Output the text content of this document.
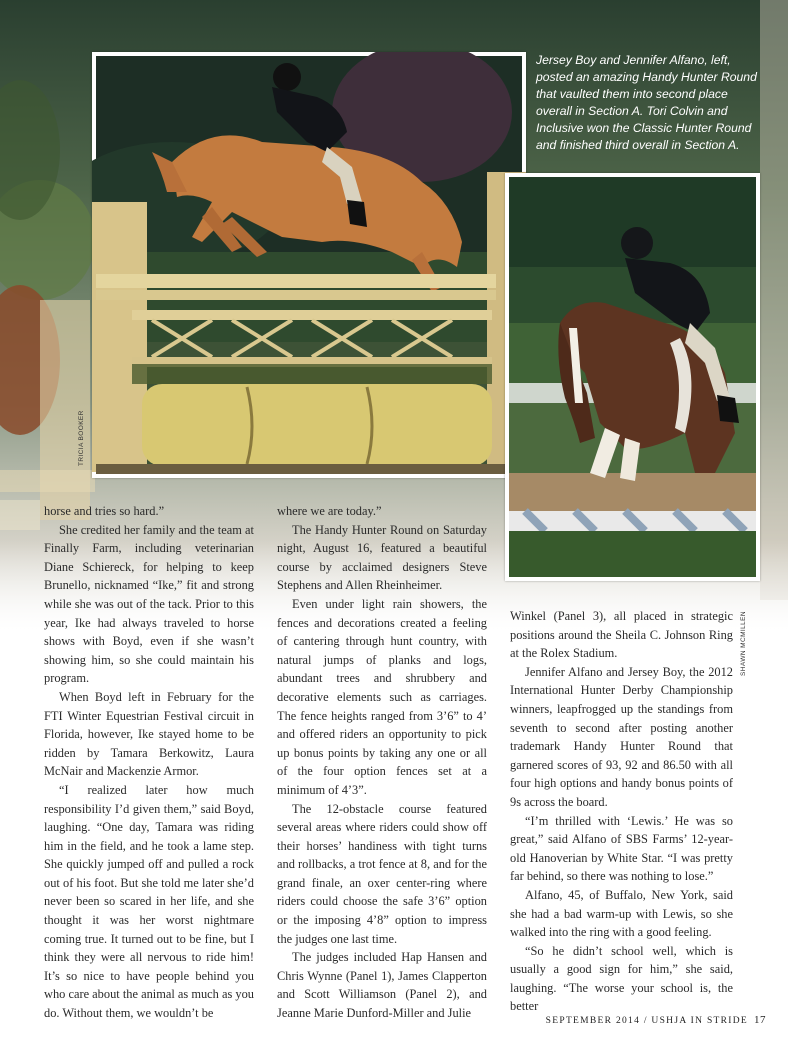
Jersey Boy and Jennifer Alfano, left, posted an amazing Handy Hunter Round that vaulted them into second place overall in Section A. Tori Colvin and Inclusive won the Classic Hunter Round and finished third overall in Section A.

TRICIA BOOKER
SHAWN MCMILLEN

horse and tries so hard.”

She credited her family and the team at Finally Farm, including veterinarian Diane Schiereck, for helping to keep Brunello, nicknamed “Ike,” fit and strong while she was out of the tack. Prior to this year, Ike had always traveled to horse shows with Boyd, even if she wasn’t showing him, so she could maintain his program.

When Boyd left in February for the FTI Winter Equestrian Festival circuit in Florida, however, Ike stayed home to be ridden by Tamara Berkowitz, Laura McNair and Mackenzie Armor.

“I realized later how much responsibility I’d given them,” said Boyd, laughing. “One day, Tamara was riding him in the field, and he took a lame step. She quickly jumped off and pulled a rock out of his foot. But she told me later she’d never been so scared in her life, and she thought it was her worst nightmare coming true. It turned out to be fine, but I think they were all nervous to ride him! It’s so nice to have people behind you who care about the animal as much as you do. Without them, we wouldn’t be

where we are today.”

The Handy Hunter Round on Saturday night, August 16, featured a beautiful course by acclaimed designers Steve Stephens and Allen Rheinheimer.

Even under light rain showers, the fences and decorations created a feeling of cantering through hunt country, with natural jumps of planks and logs, abundant trees and shrubbery and decorative elements such as carriages. The fence heights ranged from 3’6” to 4’ and offered riders an opportunity to pick up bonus points by taking any one or all of the four option fences set at a minimum of 4’3”.

The 12-obstacle course featured several areas where riders could show off their horses’ handiness with tight turns and rollbacks, a trot fence at 8, and for the grand finale, an oxer center-ring where riders could choose the safe 3’6” option or the imposing 4’8” option to impress the judges one last time.

The judges included Hap Hansen and Chris Wynne (Panel 1), James Clapperton and Scott Williamson (Panel 2), and Jeanne Marie Dunford-Miller and Julie

Winkel (Panel 3), all placed in strategic positions around the Sheila C. Johnson Ring at the Rolex Stadium.

Jennifer Alfano and Jersey Boy, the 2012 International Hunter Derby Championship winners, leapfrogged up the standings from seventh to second after posting another trademark Handy Hunter Round that garnered scores of 93, 92 and 86.50 with all four high options and handy bonus points of 9s across the board.

“I’m thrilled with ‘Lewis.’ He was so great,” said Alfano of SBS Farms’ 12-year-old Hanoverian by White Star. “I was pretty far behind, so there was nothing to lose.”

Alfano, 45, of Buffalo, New York, said she had a bad warm-up with Lewis, so she walked into the ring with a good feeling.

“So he didn’t school well, which is usually a good sign for him,” she said, laughing. “The worse your school is, the better

SEPTEMBER 2014 / USHJA IN STRIDE 17
